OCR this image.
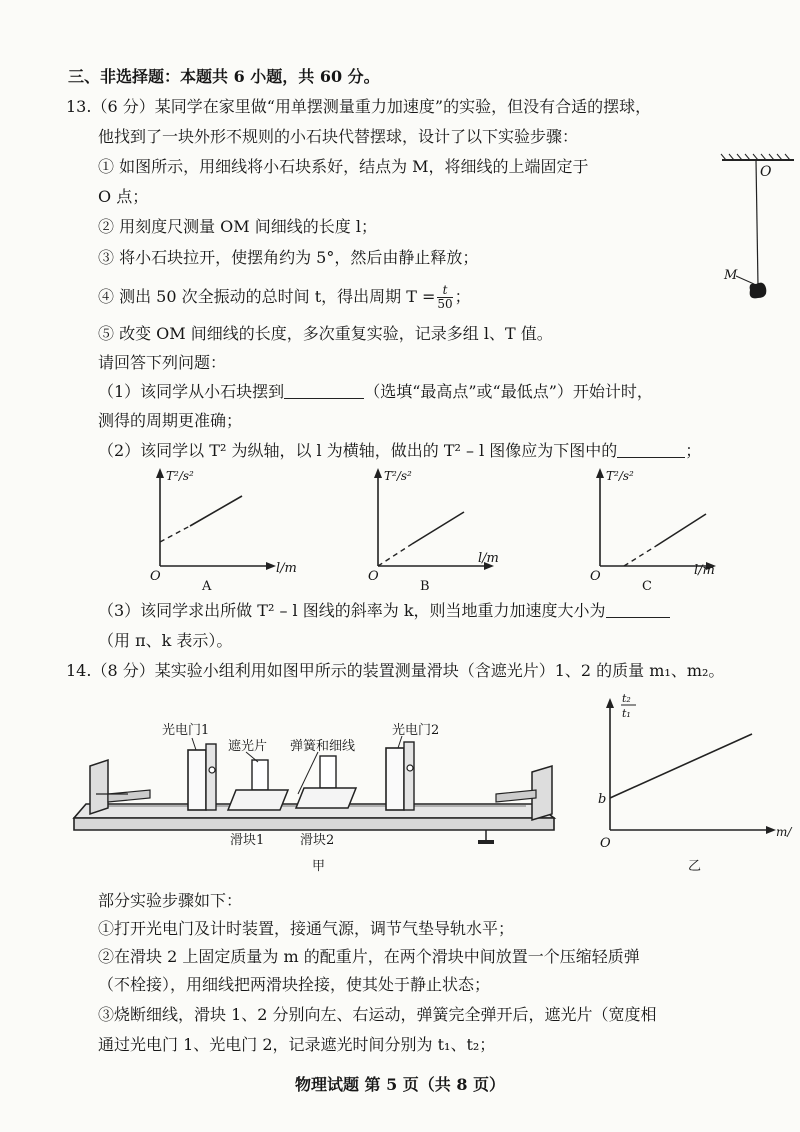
三、非选择题：本题共 6 小题，共 60 分。
13.（6 分）某同学在家里做“用单摆测量重力加速度”的实验，但没有合适的摆球，
他找到了一块外形不规则的小石块代替摆球，设计了以下实验步骤：
① 如图所示，用细线将小石块系好，结点为 M，将细线的上端固定于
O 点；
② 用刻度尺测量 OM 间细线的长度 l；
③ 将小石块拉开，使摆角约为 5°，然后由静止释放；
④ 测出 50 次全振动的总时间 t，得出周期 $T = \frac{t}{50}$ ；
⑤ 改变 OM 间细线的长度，多次重复实验，记录多组 l、T 值。
请回答下列问题：
（1）该同学从小石块摆到	（选填“最高点”或“最低点”）开始计时，
测得的周期更准确；
（2）该同学以 T² 为纵轴，以 l 为横轴，做出的 T² – l 图像应为下图中的	；
O
M
T²/s²
l/m
O
A
T²/s²
l/m
O
B
T²/s²
l/m
O
C
（3）该同学求出所做 T² – l 图线的斜率为 k，则当地重力加速度大小为
（用 π、k 表示）。
14.（8 分）某实验小组利用如图甲所示的装置测量滑块（含遮光片）1、2 的质量 m₁、m₂。
光电门1
遮光片 弹簧和细线
光电门2
滑块1	滑块2
甲
t₂
t₁
b
O
m/
乙
部分实验步骤如下：
①打开光电门及计时装置，接通气源，调节气垫导轨水平；
②在滑块 2 上固定质量为 m 的配重片，在两个滑块中间放置一个压缩轻质弹
（不栓接），用细线把两滑块拴接，使其处于静止状态；
③烧断细线，滑块 1、2 分别向左、右运动，弹簧完全弹开后，遮光片（宽度相
通过光电门 1、光电门 2，记录遮光时间分别为 t₁、t₂；
物理试题 第 5 页（共 8 页）
